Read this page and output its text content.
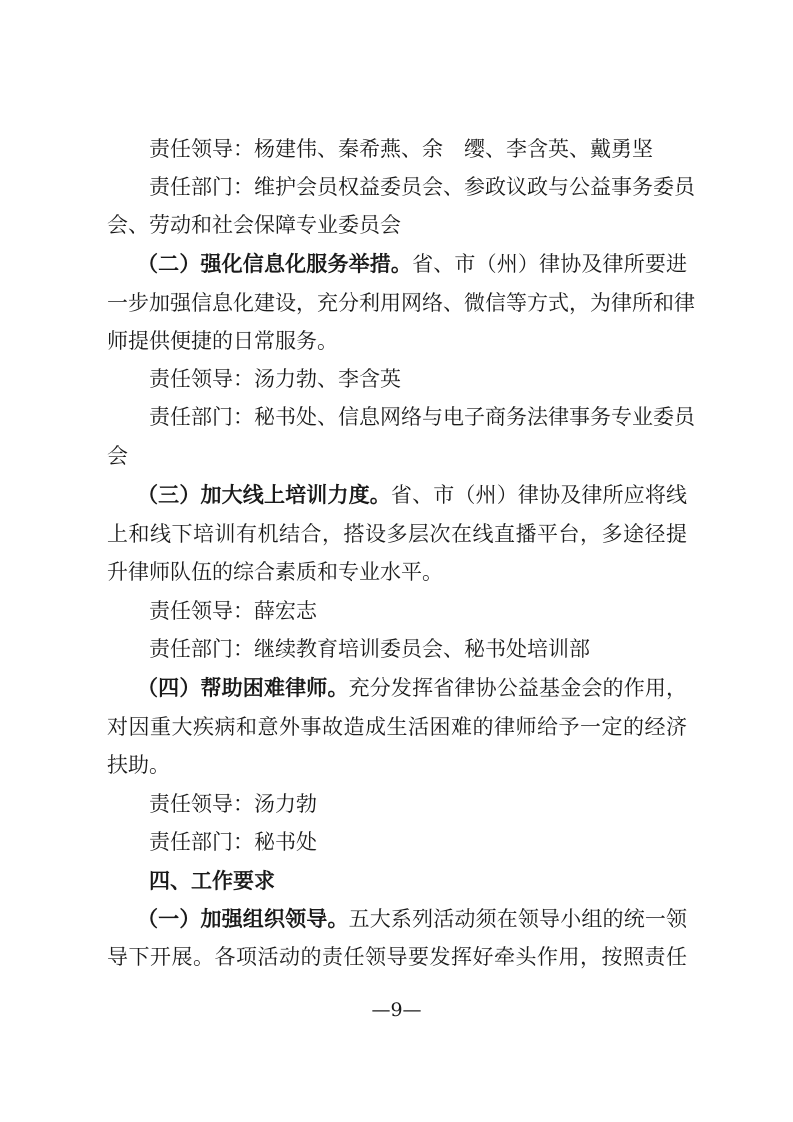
责任领导：杨建伟、秦希燕、余　缨、李含英、戴勇坚
责任部门：维护会员权益委员会、参政议政与公益事务委员
会、劳动和社会保障专业委员会
（二）强化信息化服务举措。省、市（州）律协及律所要进
一步加强信息化建设，充分利用网络、微信等方式，为律所和律
师提供便捷的日常服务。
责任领导：汤力勃、李含英
责任部门：秘书处、信息网络与电子商务法律事务专业委员
会
（三）加大线上培训力度。省、市（州）律协及律所应将线
上和线下培训有机结合，搭设多层次在线直播平台，多途径提
升律师队伍的综合素质和专业水平。
责任领导：薛宏志
责任部门：继续教育培训委员会、秘书处培训部
（四）帮助困难律师。充分发挥省律协公益基金会的作用，
对因重大疾病和意外事故造成生活困难的律师给予一定的经济
扶助。
责任领导：汤力勃
责任部门：秘书处
四、工作要求
（一）加强组织领导。五大系列活动须在领导小组的统一领
导下开展。各项活动的责任领导要发挥好牵头作用，按照责任
—9—
